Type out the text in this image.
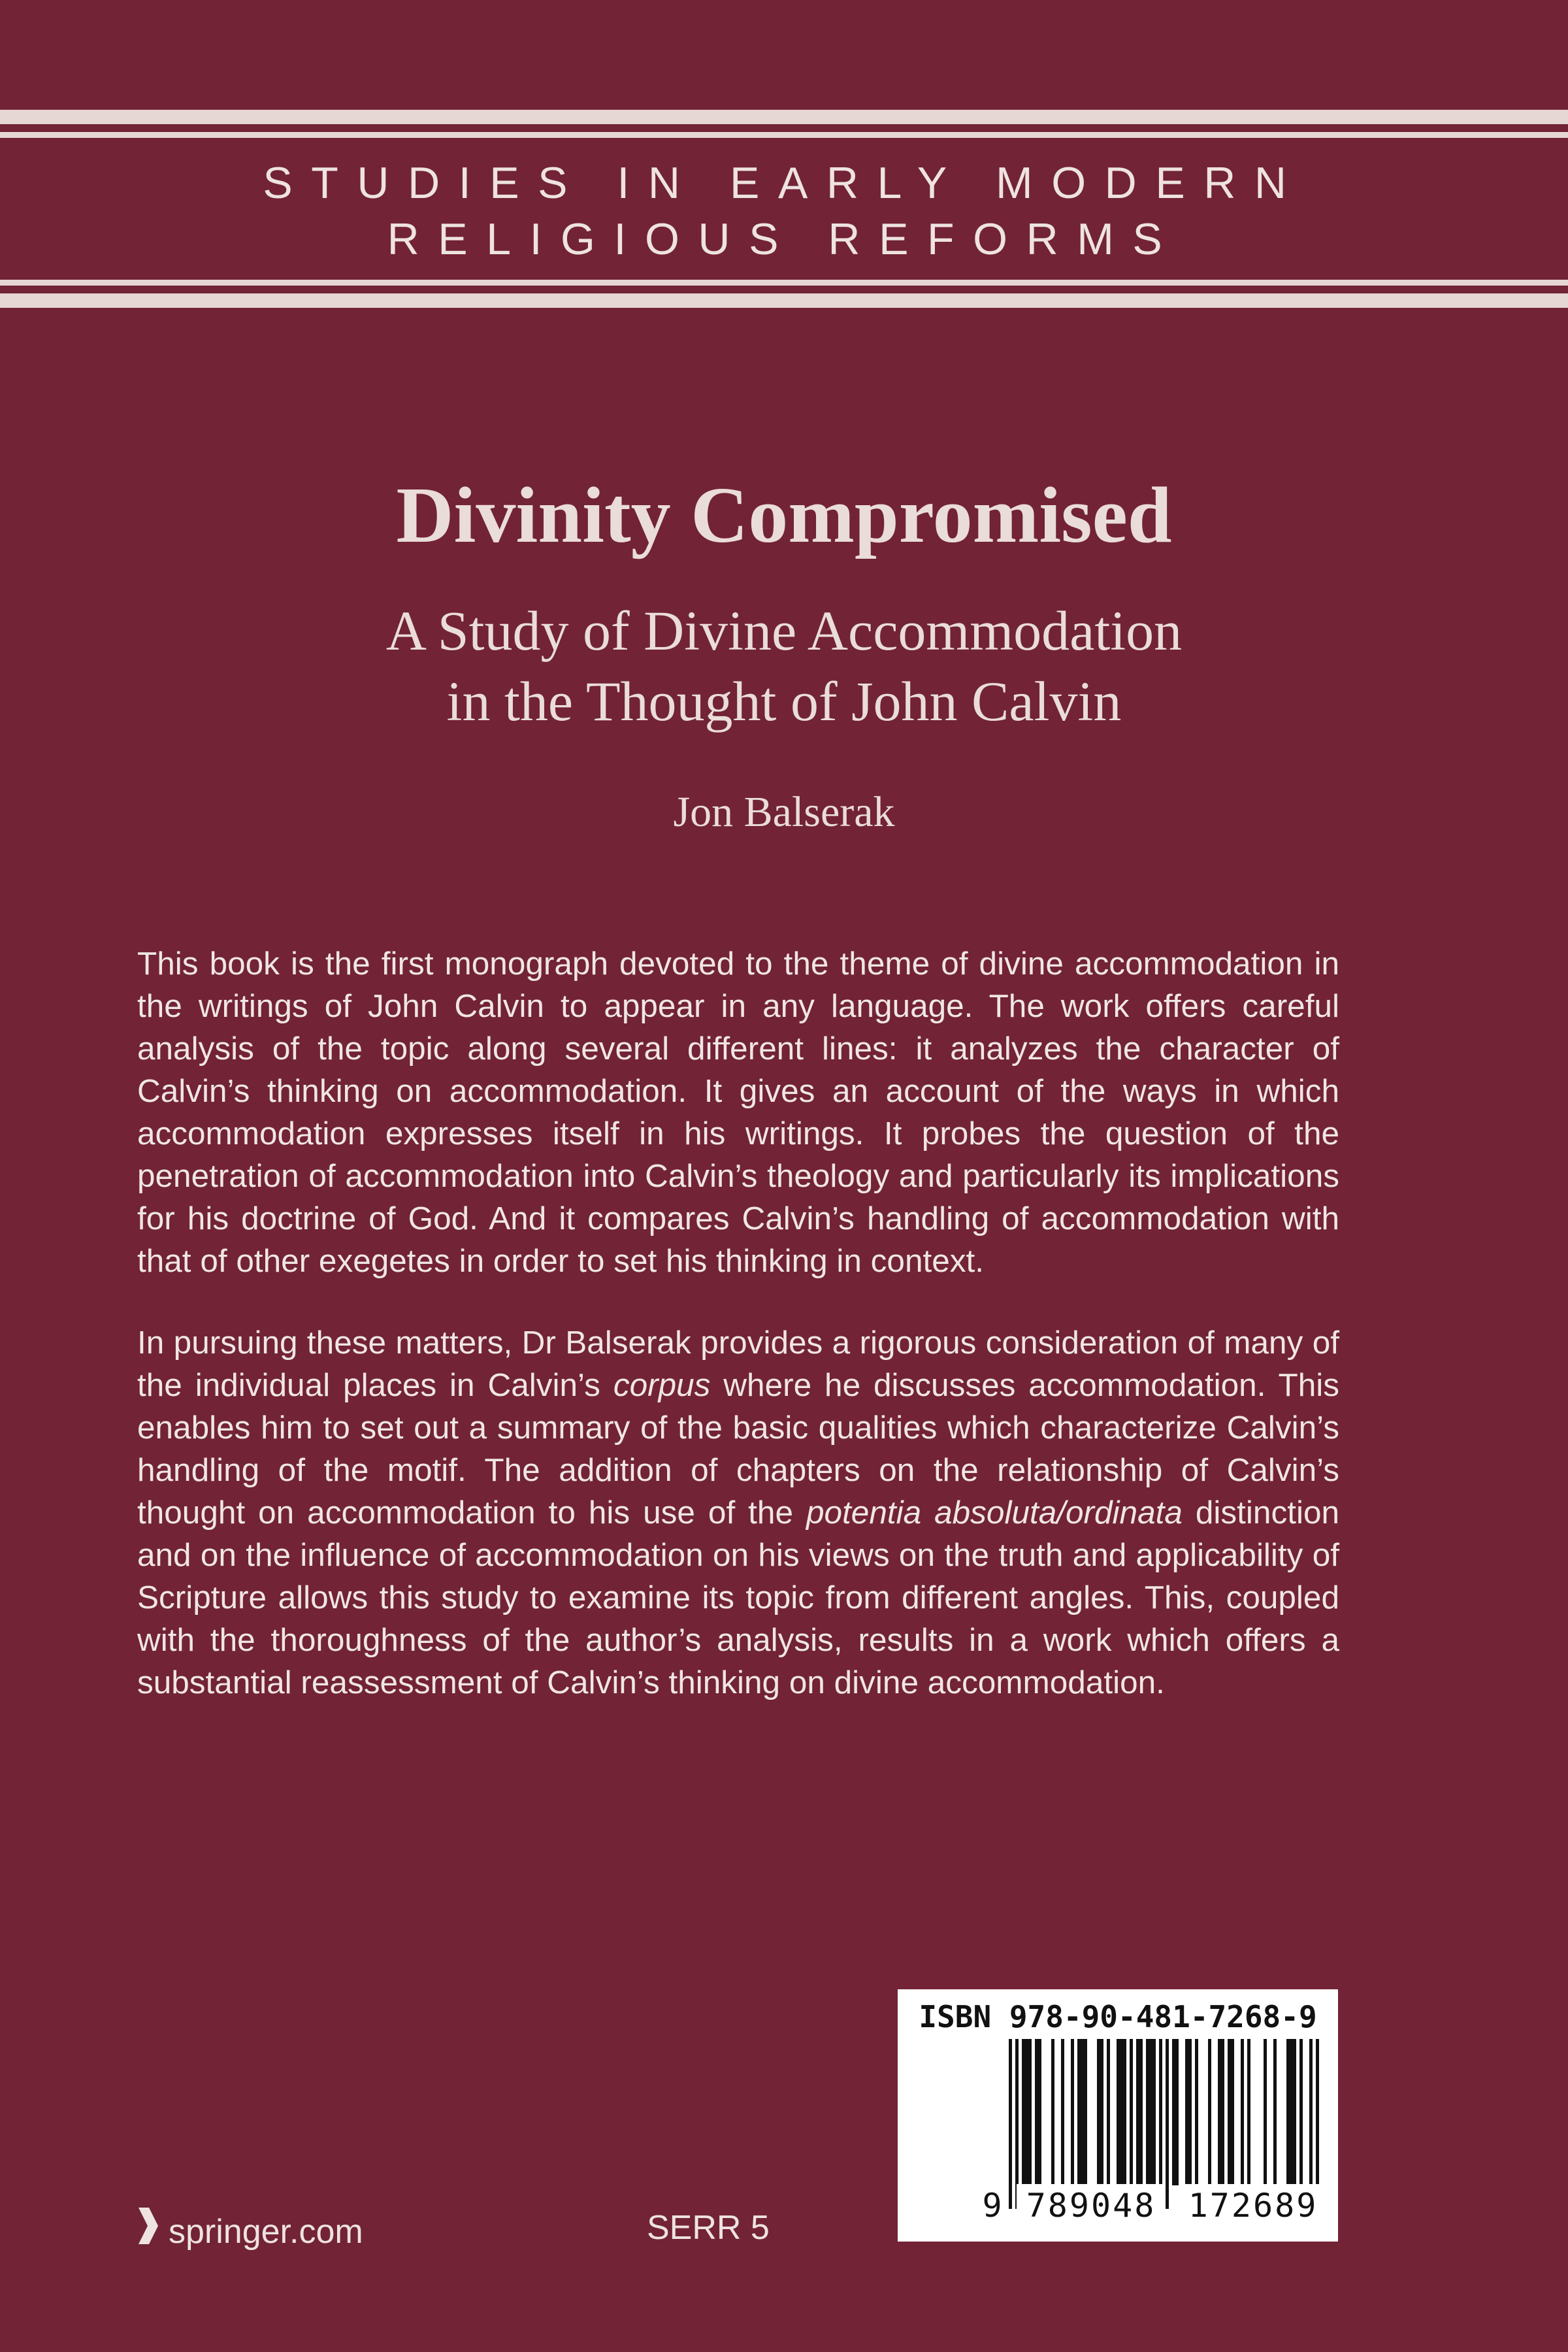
STUDIES IN EARLY MODERN
RELIGIOUS REFORMS
Divinity Compromised
A Study of Divine Accommodation
in the Thought of John Calvin
Jon Balserak

This book is the first monograph devoted to the theme of divine accommodation in the writings of John Calvin to appear in any language. The work offers careful analysis of the topic along several different lines: it analyzes the character of Calvin’s thinking on accommodation. It gives an account of the ways in which accommodation expresses itself in his writings. It probes the question of the penetration of accommodation into Calvin’s theology and particularly its implications for his doctrine of God. And it compares Calvin’s handling of accommodation with that of other exegetes in order to set his thinking in context.

In pursuing these matters, Dr Balserak provides a rigorous consideration of many of the individual places in Calvin’s corpus where he discusses accommodation. This enables him to set out a summary of the basic qualities which characterize Calvin’s handling of the motif. The addition of chapters on the relationship of Calvin’s thought on accommodation to his use of the potentia absoluta/ordinata distinction and on the influence of accommodation on his views on the truth and applicability of Scripture allows this study to examine its topic from different angles. This, coupled with the thoroughness of the author’s analysis, results in a work which offers a substantial reassessment of Calvin’s thinking on divine accommodation.

springer.com	SERR 5
ISBN 978-90-481-7268-9
9 789048 172689
